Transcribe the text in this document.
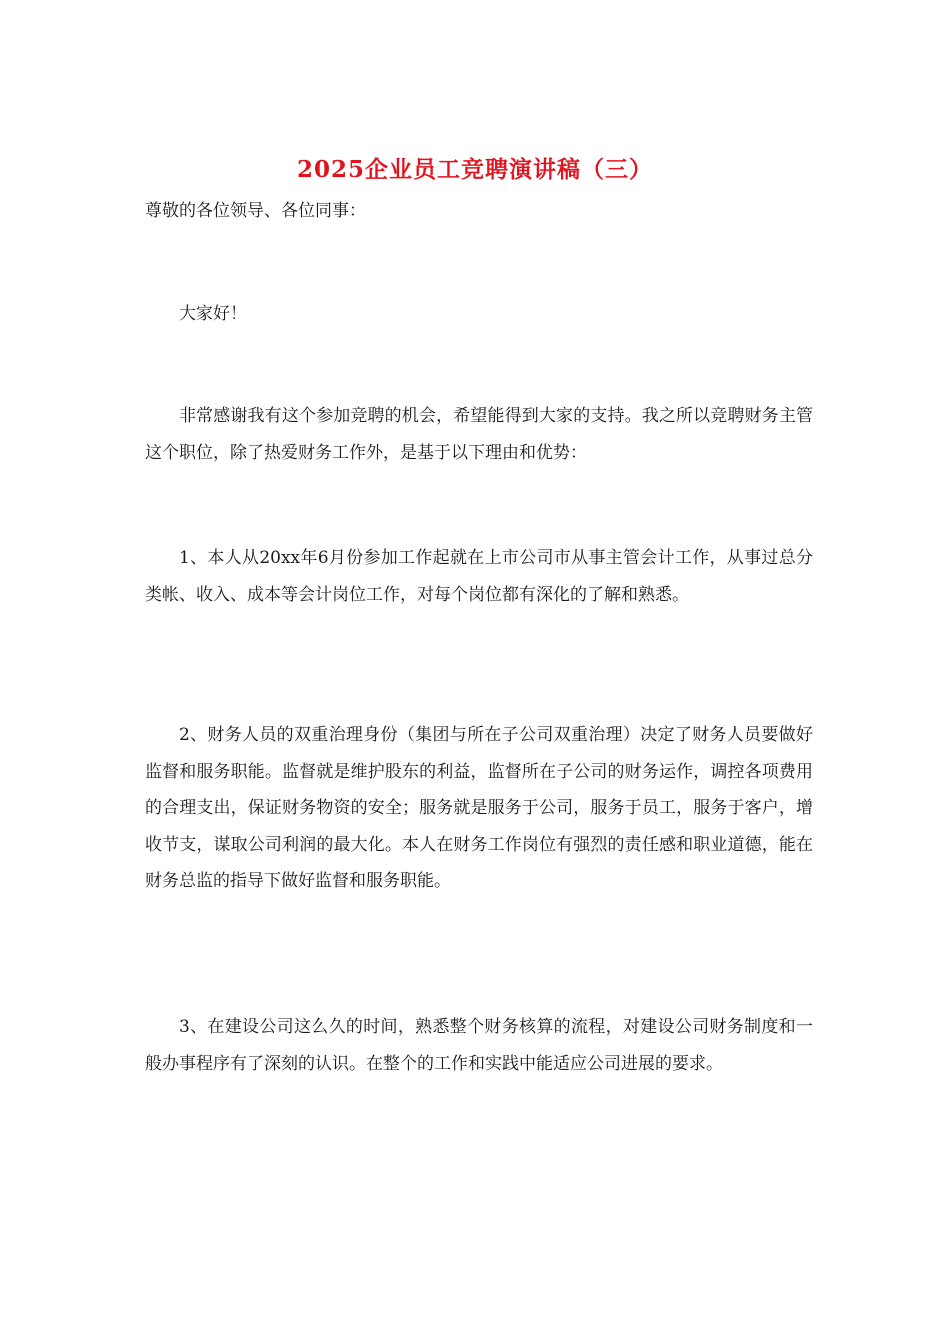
2025企业员工竞聘演讲稿（三）
尊敬的各位领导、各位同事：

大家好！

非常感谢我有这个参加竞聘的机会，希望能得到大家的支持。我之所以竞聘财务主管这个职位，除了热爱财务工作外，是基于以下理由和优势：

1、本人从20xx年6月份参加工作起就在上市公司市从事主管会计工作，从事过总分类帐、收入、成本等会计岗位工作，对每个岗位都有深化的了解和熟悉。

2、财务人员的双重治理身份（集团与所在子公司双重治理）决定了财务人员要做好监督和服务职能。监督就是维护股东的利益，监督所在子公司的财务运作，调控各项费用的合理支出，保证财务物资的安全；服务就是服务于公司，服务于员工，服务于客户，增收节支，谋取公司利润的最大化。本人在财务工作岗位有强烈的责任感和职业道德，能在财务总监的指导下做好监督和服务职能。

3、在建设公司这么久的时间，熟悉整个财务核算的流程，对建设公司财务制度和一般办事程序有了深刻的认识。在整个的工作和实践中能适应公司进展的要求。
